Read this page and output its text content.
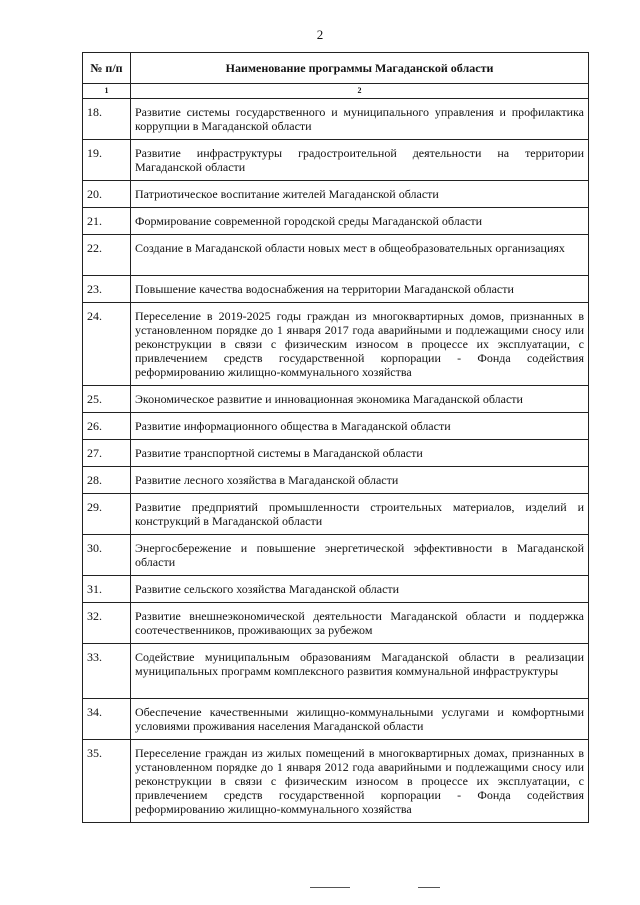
2
№ п/п	Наименование программы Магаданской области
1	2
18.	Развитие системы государственного и муниципального управления и профилактика коррупции в Магаданской области
19.	Развитие инфраструктуры градостроительной деятельности на территории Магаданской области
20.	Патриотическое воспитание жителей Магаданской области
21.	Формирование современной городской среды Магаданской области
22.	Создание в Магаданской области новых мест в общеобразовательных организациях
23.	Повышение качества водоснабжения на территории Магаданской области
24.	Переселение в 2019-2025 годы граждан из многоквартирных домов, признанных в установленном порядке до 1 января 2017 года аварийными и подлежащими сносу или реконструкции в связи с физическим износом в процессе их эксплуатации, с привлечением средств государственной корпорации - Фонда содействия реформированию жилищно-коммунального хозяйства
25.	Экономическое развитие и инновационная экономика Магаданской области
26.	Развитие информационного общества в Магаданской области
27.	Развитие транспортной системы в Магаданской области
28.	Развитие лесного хозяйства в Магаданской области
29.	Развитие предприятий промышленности строительных материалов, изделий и конструкций в Магаданской области
30.	Энергосбережение и повышение энергетической эффективности в Магаданской области
31.	Развитие сельского хозяйства Магаданской области
32.	Развитие внешнеэкономической деятельности Магаданской области и поддержка соотечественников, проживающих за рубежом
33.	Содействие муниципальным образованиям Магаданской области в реализации муниципальных программ комплексного развития коммунальной инфраструктуры
34.	Обеспечение качественными жилищно-коммунальными услугами и комфортными условиями проживания населения Магаданской области
35.	Переселение граждан из жилых помещений в многоквартирных домах, признанных в установленном порядке до 1 января 2012 года аварийными и подлежащими сносу или реконструкции в связи с физическим износом в процессе их эксплуатации, с привлечением средств государственной корпорации - Фонда содействия реформированию жилищно-коммунального хозяйства
